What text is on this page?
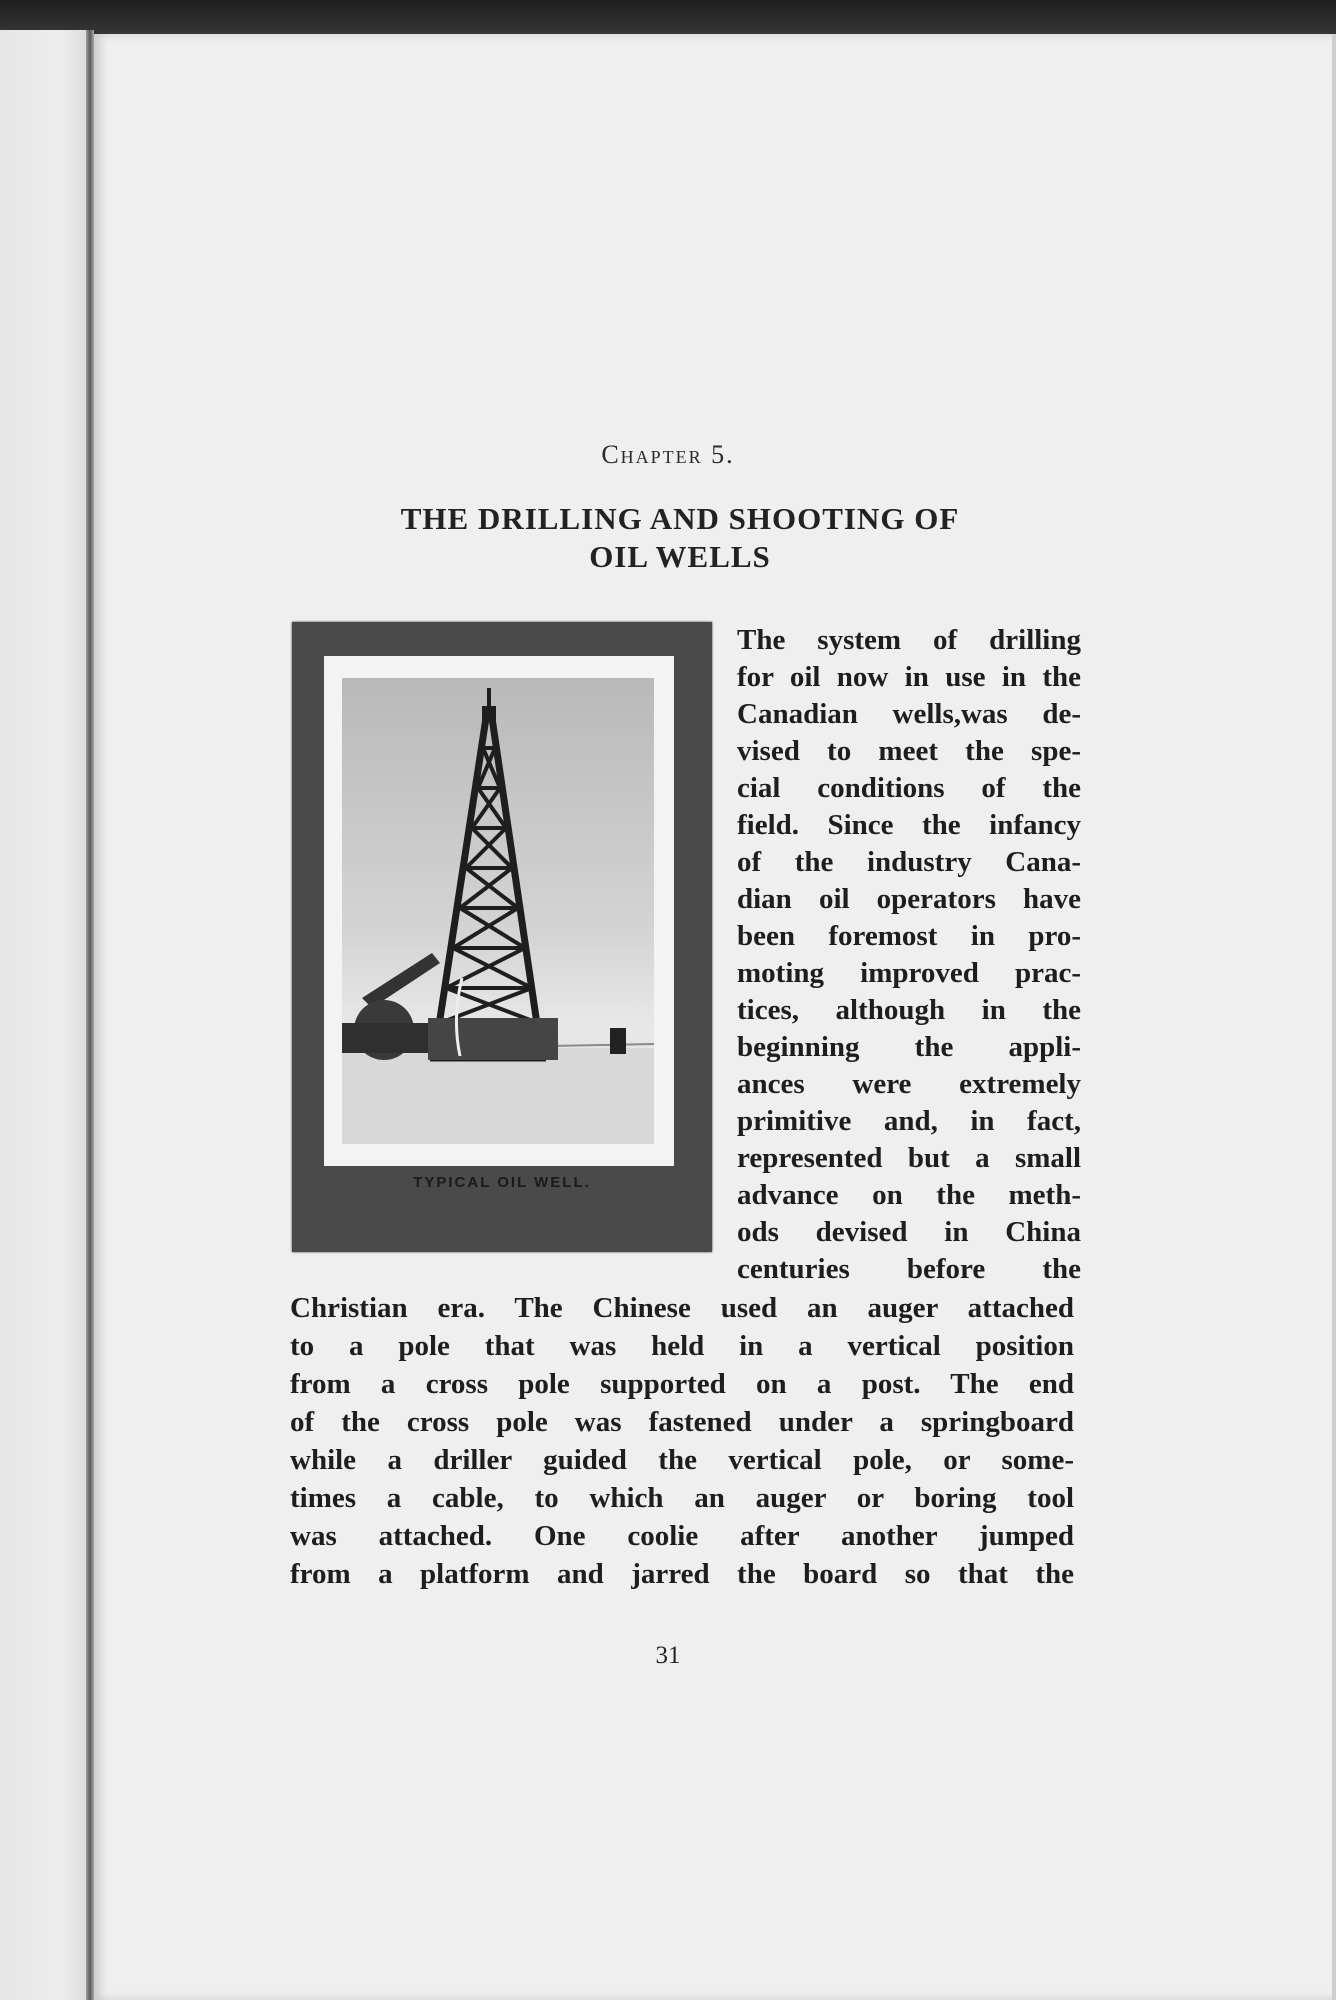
Chapter 5.
THE DRILLING AND SHOOTING OF
OIL WELLS
TYPICAL OIL WELL.
The system of drilling
for oil now in use in the
Canadian wells,was de-
vised to meet the spe-
cial conditions of the
field. Since the infancy
of the industry Cana-
dian oil operators have
been foremost in pro-
moting improved prac-
tices, although in the
beginning the appli-
ances were extremely
primitive and, in fact,
represented but a small
advance on the meth-
ods devised in China
centuries before the
Christian era. The Chinese used an auger attached
to a pole that was held in a vertical position
from a cross pole supported on a post. The end
of the cross pole was fastened under a springboard
while a driller guided the vertical pole, or some-
times a cable, to which an auger or boring tool
was attached. One coolie after another jumped
from a platform and jarred the board so that the
31
